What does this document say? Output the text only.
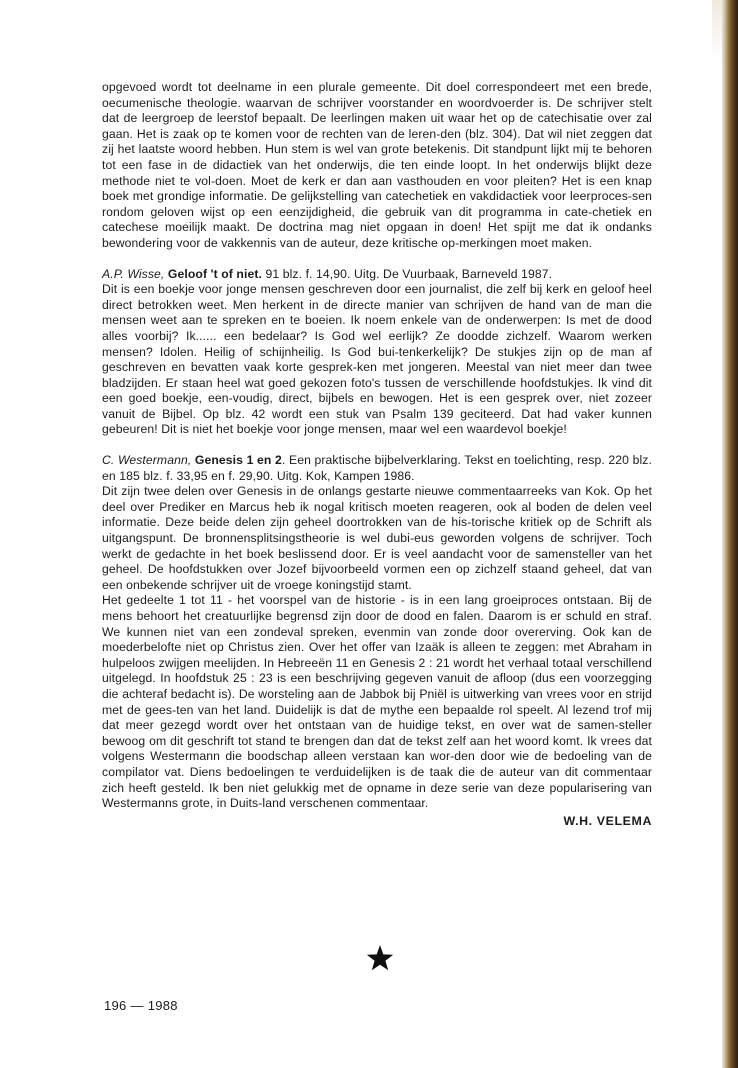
opgevoed wordt tot deelname in een plurale gemeente. Dit doel correspondeert met een brede, oecumenische theologie. waarvan de schrijver voorstander en woordvoerder is. De schrijver stelt dat de leergroep de leerstof bepaalt. De leerlingen maken uit waar het op de catechisatie over zal gaan. Het is zaak op te komen voor de rechten van de leren-den (blz. 304). Dat wil niet zeggen dat zij het laatste woord hebben. Hun stem is wel van grote betekenis. Dit standpunt lijkt mij te behoren tot een fase in de didactiek van het onderwijs, die ten einde loopt. In het onderwijs blijkt deze methode niet te vol-doen. Moet de kerk er dan aan vasthouden en voor pleiten? Het is een knap boek met grondige informatie. De gelijkstelling van catechetiek en vakdidactiek voor leerproces-sen rondom geloven wijst op een eenzijdigheid, die gebruik van dit programma in cate-chetiek en catechese moeilijk maakt. De doctrina mag niet opgaan in doen! Het spijt me dat ik ondanks bewondering voor de vakkennis van de auteur, deze kritische op-merkingen moet maken.

A.P. Wisse, Geloof 't of niet. 91 blz. f. 14,90. Uitg. De Vuurbaak, Barneveld 1987.

Dit is een boekje voor jonge mensen geschreven door een journalist, die zelf bij kerk en geloof heel direct betrokken weet. Men herkent in de directe manier van schrijven de hand van de man die mensen weet aan te spreken en te boeien. Ik noem enkele van de onderwerpen: Is met de dood alles voorbij? Ik...... een bedelaar? Is God wel eerlijk? Ze doodde zichzelf. Waarom werken mensen? Idolen. Heilig of schijnheilig. Is God bui-tenkerkelijk? De stukjes zijn op de man af geschreven en bevatten vaak korte gesprek-ken met jongeren. Meestal van niet meer dan twee bladzijden. Er staan heel wat goed gekozen foto's tussen de verschillende hoofdstukjes. Ik vind dit een goed boekje, een-voudig, direct, bijbels en bewogen. Het is een gesprek over, niet zozeer vanuit de Bijbel. Op blz. 42 wordt een stuk van Psalm 139 geciteerd. Dat had vaker kunnen gebeuren! Dit is niet het boekje voor jonge mensen, maar wel een waardevol boekje!

C. Westermann, Genesis 1 en 2. Een praktische bijbelverklaring. Tekst en toelichting, resp. 220 blz. en 185 blz. f. 33,95 en f. 29,90. Uitg. Kok, Kampen 1986.

Dit zijn twee delen over Genesis in de onlangs gestarte nieuwe commentaarreeks van Kok. Op het deel over Prediker en Marcus heb ik nogal kritisch moeten reageren, ook al boden de delen veel informatie. Deze beide delen zijn geheel doortrokken van de his-torische kritiek op de Schrift als uitgangspunt. De bronnensplitsingstheorie is wel dubi-eus geworden volgens de schrijver. Toch werkt de gedachte in het boek beslissend door. Er is veel aandacht voor de samensteller van het geheel. De hoofdstukken over Jozef bijvoorbeeld vormen een op zichzelf staand geheel, dat van een onbekende schrijver uit de vroege koningstijd stamt.

Het gedeelte 1 tot 11 - het voorspel van de historie - is in een lang groeiproces ontstaan. Bij de mens behoort het creatuurlijke begrensd zijn door de dood en falen. Daarom is er schuld en straf. We kunnen niet van een zondeval spreken, evenmin van zonde door overerving. Ook kan de moederbelofte niet op Christus zien. Over het offer van Izaäk is alleen te zeggen: met Abraham in hulpeloos zwijgen meelijden. In Hebreeën 11 en Genesis 2 : 21 wordt het verhaal totaal verschillend uitgelegd. In hoofdstuk 25 : 23 is een beschrijving gegeven vanuit de afloop (dus een voorzegging die achteraf bedacht is). De worsteling aan de Jabbok bij Pniël is uitwerking van vrees voor en strijd met de gees-ten van het land. Duidelijk is dat de mythe een bepaalde rol speelt. Al lezend trof mij dat meer gezegd wordt over het ontstaan van de huidige tekst, en over wat de samen-steller bewoog om dit geschrift tot stand te brengen dan dat de tekst zelf aan het woord komt. Ik vrees dat volgens Westermann die boodschap alleen verstaan kan wor-den door wie de bedoeling van de compilator vat. Diens bedoelingen te verduidelijken is de taak die de auteur van dit commentaar zich heeft gesteld. Ik ben niet gelukkig met de opname in deze serie van deze popularisering van Westermanns grote, in Duits-land verschenen commentaar.

W.H. VELEMA
196 — 1988
